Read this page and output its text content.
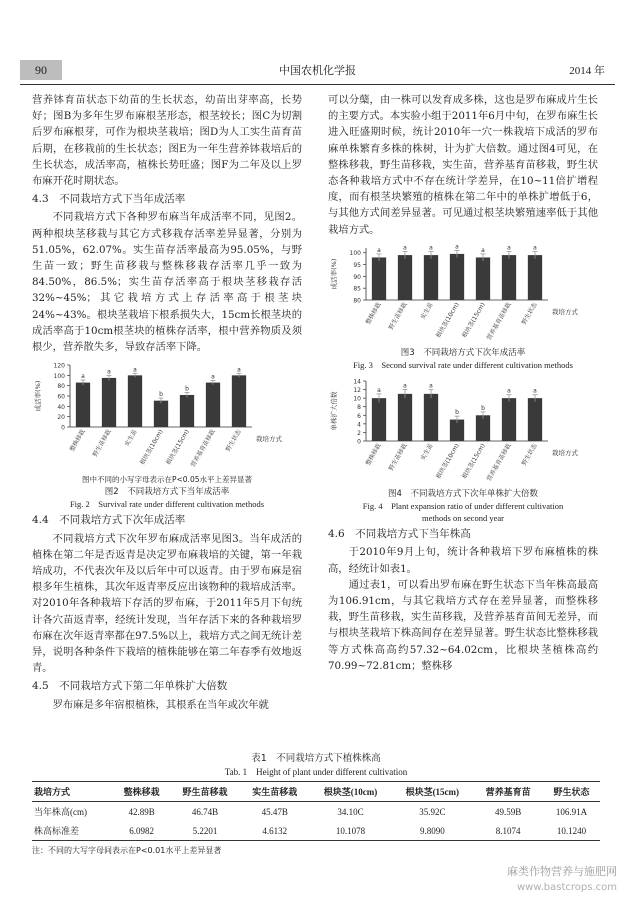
90	中国农机化学报	2014 年

营养钵育苗状态下幼苗的生长状态，幼苗出芽率高，长势好；图B为多年生罗布麻根茎形态，根茎较长；图C为切割后罗布麻根芽，可作为根块茎栽培；图D为人工实生苗育苗后期，在移栽前的生长状态；图E为一年生营养钵栽培后的生长状态，成活率高，植株长势旺盛；图F为二年及以上罗布麻开花时期状态。

4.3　不同栽培方式下当年成活率

不同栽培方式下各种罗布麻当年成活率不同，见图2。两种根块茎移栽与其它方式移栽存活率差异显著，分别为51.05%，62.07%。实生苗存活率最高为95.05%，与野生苗一致；野生苗移栽与整株移栽存活率几乎一致为84.50%，86.5%；实生苗存活率高于根块茎移栽存活32%~45%；其它栽培方式上存活率高于根茎块24%~43%。根块茎栽培下根系损失大，15cm长根茎块的成活率高于10cm根茎块的植株存活率，根中营养物质及须根少，营养散失多，导致存活率下降。

0
20
40
60
80
100
120
成活率(%)
a
整株移栽
a
野生苗移栽
a
实生苗
b
根块茎(10cm)
b
根块茎(15cm)
a
营养基育苗移栽
a
野生状态 栽培方式
图中不同的小写字母表示在P<0.05水平上差异显著
图2　不同栽培方式下当年成活率
Fig. 2　Survival rate under different cultivation methods
4.4　不同栽培方式下次年成活率

不同栽培方式下次年罗布麻成活率见图3。当年成活的植株在第二年是否返青是决定罗布麻栽培的关键，第一年栽培成功，不代表次年及以后年中可以返青。由于罗布麻是宿根多年生植株，其次年返青率反应出该物种的栽培成活率。对2010年各种栽培下存活的罗布麻，于2011年5月下旬统计各穴苗返青率，经统计发现，当年存活下来的各种栽培罗布麻在次年返青率都在97.5%以上，栽培方式之间无统计差异，说明各种条件下栽培的植株能够在第二年春季有效地返青。

4.5　不同栽培方式下第二年单株扩大倍数

罗布麻是多年宿根植株，其根系在当年或次年就

可以分蘖，由一株可以发育成多株，这也是罗布麻成片生长的主要方式。本实验小组于2011年6月中旬，在罗布麻生长进入旺盛期时候，统计2010年一穴一株栽培下成活的罗布麻单株繁育多株的株树，计为扩大倍数。通过图4可见，在整株移栽，野生苗移栽，实生苗，营养基育苗移栽，野生状态各种栽培方式中不存在统计学差异，在10~11倍扩增程度，而有根茎块繁殖的植株在第二年中的单株扩增低于6，与其他方式间差异显著。可见通过根茎块繁殖速率低于其他栽培方式。

80
85
90
95
100
成活率(%)
a
整株移栽
a
野生苗移栽
a
实生苗
a
根块茎(10cm)
a
根块茎(15cm)
a
营养基育苗移栽
a
野生状态 栽培方式
图3　不同栽培方式下次年成活率
Fig. 3　Second survival rate under different cultivation methods
0
2
4
6
8
10
12
14
单株扩大倍数
a
整株移栽
a
野生苗移栽
a
实生苗
b
根块茎(10cm)
b
根块茎(15cm)
a
营养基育苗移栽
a
野生状态 栽培方式
图4　不同栽培方式下次年单株扩大倍数
Fig. 4　Plant expansion ratio of under different cultivation
methods on second year
4.6　不同栽培方式下当年株高

于2010年9月上旬，统计各种栽培下罗布麻植株的株高，经统计如表1。

通过表1，可以看出罗布麻在野生状态下当年株高最高为106.91cm，与其它栽培方式存在差异显著，而整株移栽，野生苗移栽，实生苗移栽，及营养基育苗间无差异，而与根块茎栽培下株高间存在差异显著。野生状态比整株移栽等方式株高高约57.32~64.02cm，比根块茎植株高约70.99~72.81cm；整株移

表1　不同栽培方式下植株株高
Tab. 1　Height of plant under different cultivation
栽培方式	整株移栽	野生苗移栽	实生苗移栽	根块茎(10cm)	根块茎(15cm)	营养基育苗	野生状态
当年株高(cm)	42.89B	46.74B	45.47B	34.10C	35.92C	49.59B	106.91A
株高标准差	6.0982	5.2201	4.6132	10.1078	9.8090	8.1074	10.1240
注：不同的大写字母间表示在P<0.01水平上差异显著
麻类作物营养与施肥网
www.bastcrops.com
